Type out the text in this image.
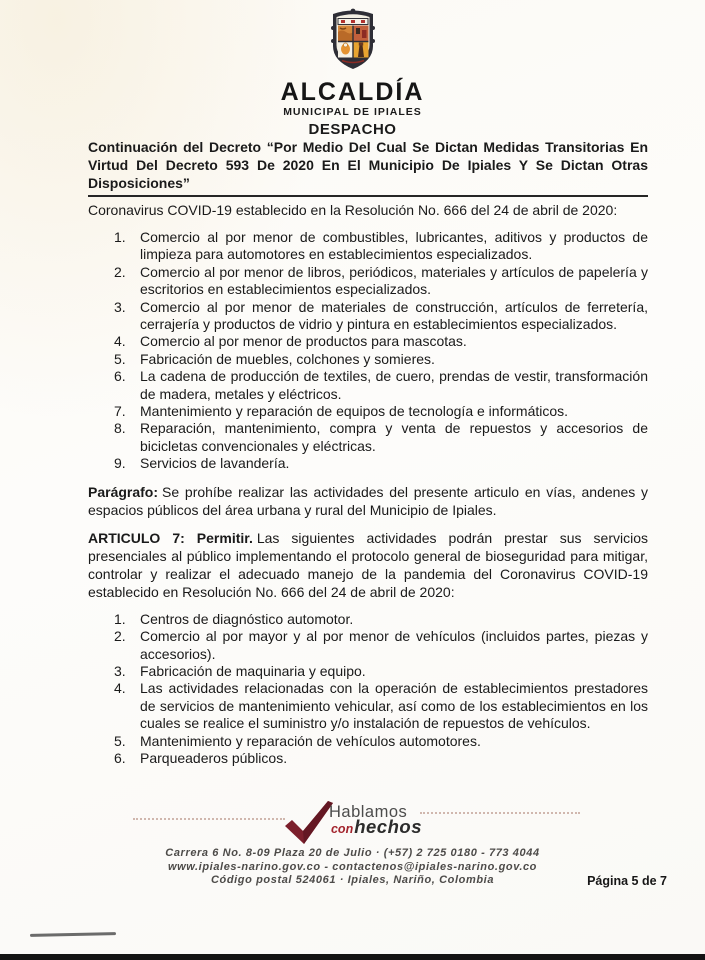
ALCALDÍA
MUNICIPAL DE IPIALES
DESPACHO
Continuación del Decreto “Por Medio Del Cual Se Dictan Medidas Transitorias En Virtud Del Decreto 593 De 2020 En El Municipio De Ipiales Y Se Dictan Otras Disposiciones”

Coronavirus COVID-19 establecido en la Resolución No. 666 del 24 de abril de 2020:

Comercio al por menor de combustibles, lubricantes, aditivos y productos de limpieza para automotores en establecimientos especializados.
Comercio al por menor de libros, periódicos, materiales y artículos de papelería y escritorios en establecimientos especializados.
Comercio al por menor de materiales de construcción, artículos de ferretería, cerrajería y productos de vidrio y pintura en establecimientos especializados.
Comercio al por menor de productos para mascotas.
Fabricación de muebles, colchones y somieres.
La cadena de producción de textiles, de cuero, prendas de vestir, transformación de madera, metales y eléctricos.
Mantenimiento y reparación de equipos de tecnología e informáticos.
Reparación, mantenimiento, compra y venta de repuestos y accesorios de bicicletas convencionales y eléctricas.
Servicios de lavandería.

Parágrafo: Se prohíbe realizar las actividades del presente articulo en vías, andenes y espacios públicos del área urbana y rural del Municipio de Ipiales.

ARTICULO 7: Permitir. Las siguientes actividades podrán prestar sus servicios presenciales al público implementando el protocolo general de bioseguridad para mitigar, controlar y realizar el adecuado manejo de la pandemia del Coronavirus COVID-19 establecido en Resolución No. 666 del 24 de abril de 2020:

Centros de diagnóstico automotor.
Comercio al por mayor y al por menor de vehículos (incluidos partes, piezas y accesorios).
Fabricación de maquinaria y equipo.
Las actividades relacionadas con la operación de establecimientos prestadores de servicios de mantenimiento vehicular, así como de los establecimientos en los cuales se realice el suministro y/o instalación de repuestos de vehículos.
Mantenimiento y reparación de vehículos automotores.
Parqueaderos públicos.
Hablamos
conhechos
Carrera 6 No. 8-09 Plaza 20 de Julio · (+57) 2 725 0180 - 773 4044
www.ipiales-narino.gov.co - contactenos@ipiales-narino.gov.co
Código postal 524061 · Ipiales, Nariño, Colombia	Página 5 de 7
